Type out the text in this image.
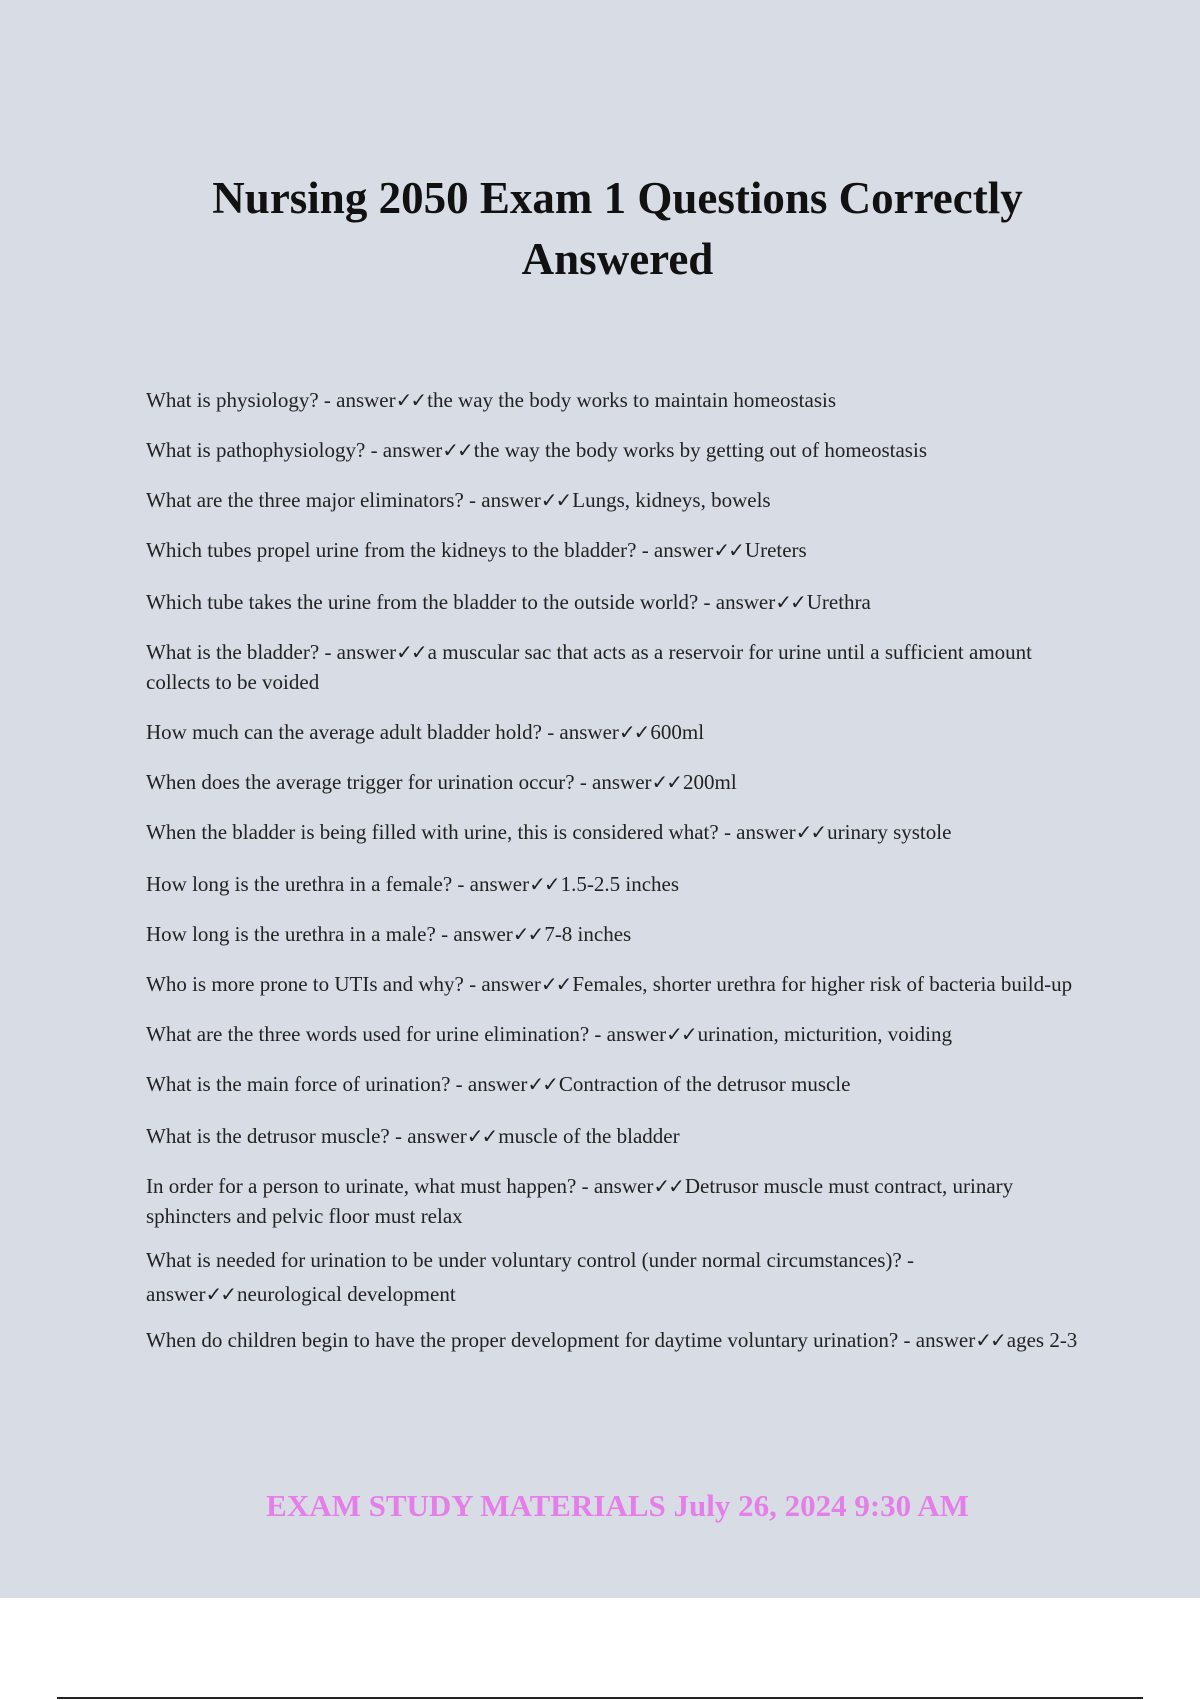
Nursing 2050 Exam 1 Questions Correctly Answered
What is physiology? - answer✓✓the way the body works to maintain homeostasis
What is pathophysiology? - answer✓✓the way the body works by getting out of homeostasis
What are the three major eliminators? - answer✓✓Lungs, kidneys, bowels
Which tubes propel urine from the kidneys to the bladder? - answer✓✓Ureters
Which tube takes the urine from the bladder to the outside world? - answer✓✓Urethra
What is the bladder? - answer✓✓a muscular sac that acts as a reservoir for urine until a sufficient amount collects to be voided
How much can the average adult bladder hold? - answer✓✓600ml
When does the average trigger for urination occur? - answer✓✓200ml
When the bladder is being filled with urine, this is considered what? - answer✓✓urinary systole
How long is the urethra in a female? - answer✓✓1.5-2.5 inches
How long is the urethra in a male? - answer✓✓7-8 inches
Who is more prone to UTIs and why? - answer✓✓Females, shorter urethra for higher risk of bacteria build-up
What are the three words used for urine elimination? - answer✓✓urination, micturition, voiding
What is the main force of urination? - answer✓✓Contraction of the detrusor muscle
What is the detrusor muscle? - answer✓✓muscle of the bladder
In order for a person to urinate, what must happen? - answer✓✓Detrusor muscle must contract, urinary sphincters and pelvic floor must relax
What is needed for urination to be under voluntary control (under normal circumstances)? - answer✓✓neurological development
When do children begin to have the proper development for daytime voluntary urination? - answer✓✓ages 2-3

EXAM STUDY MATERIALS July 26, 2024 9:30 AM
